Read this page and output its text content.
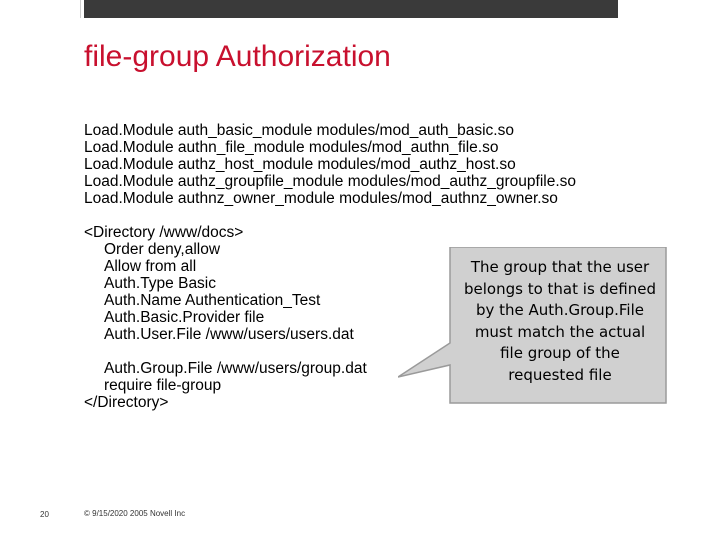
file-group Authorization
Load.Module auth_basic_module modules/mod_auth_basic.so
Load.Module authn_file_module modules/mod_authn_file.so
Load.Module authz_host_module modules/mod_authz_host.so
Load.Module authz_groupfile_module modules/mod_authz_groupfile.so
Load.Module authnz_owner_module modules/mod_authnz_owner.so
<Directory /www/docs>
Order deny,allow
Allow from all
Auth.Type Basic
Auth.Name Authentication_Test
Auth.Basic.Provider file
Auth.User.File /www/users/users.dat
Auth.Group.File /www/users/group.dat
require file-group
</Directory>
The group that the user
belongs to that is defined
by the Auth.Group.File
must match the actual
file group of the
requested file
20	© 9/15/2020 2005 Novell Inc
